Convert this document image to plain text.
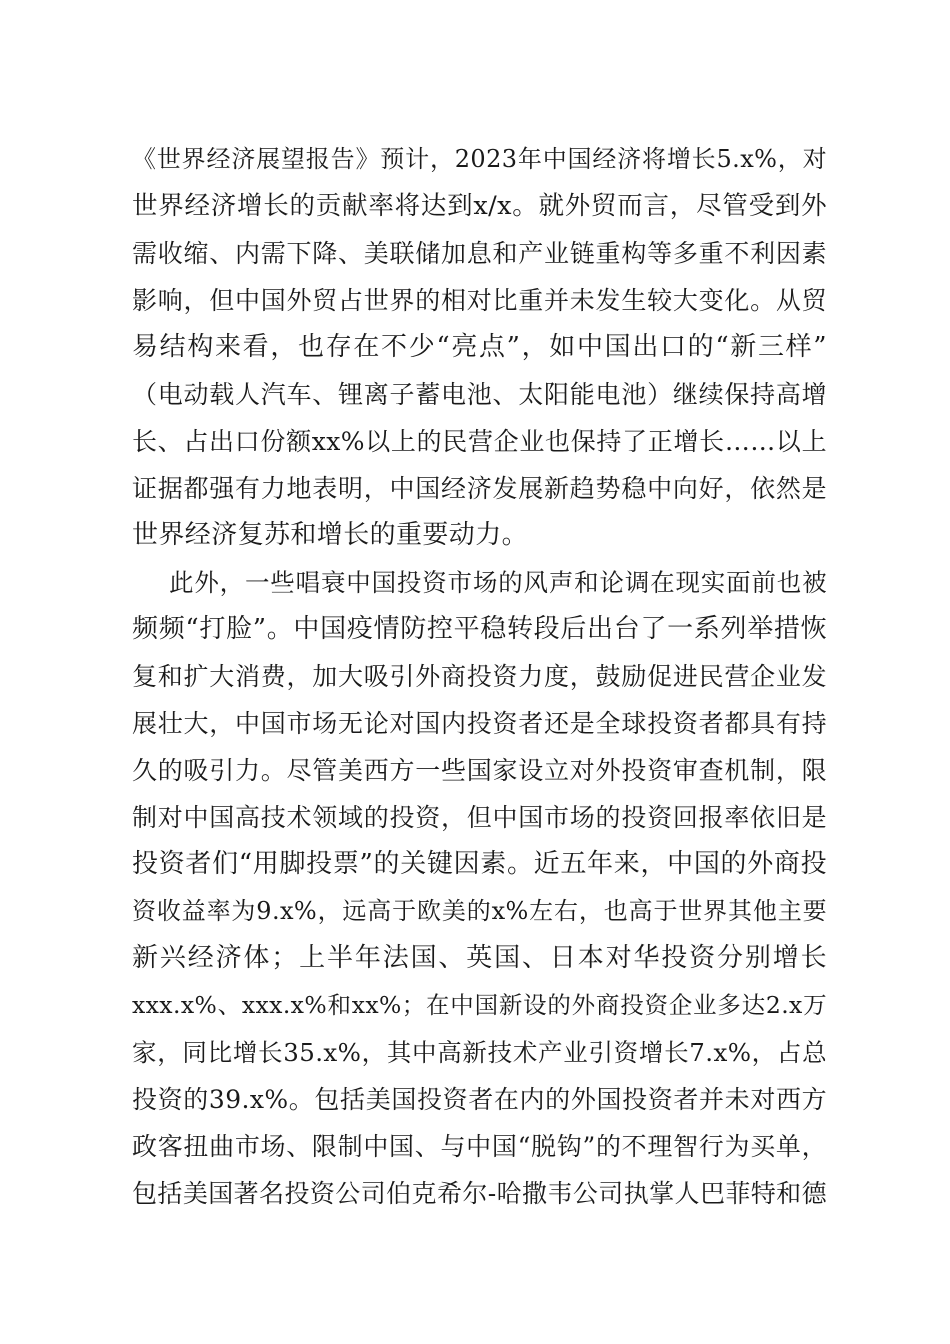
《世界经济展望报告》预计，2023年中国经济将增长5.x%，对
世界经济增长的贡献率将达到x/x。就外贸而言，尽管受到外
需收缩、内需下降、美联储加息和产业链重构等多重不利因素
影响，但中国外贸占世界的相对比重并未发生较大变化。从贸
易结构来看，也存在不少“亮点”，如中国出口的“新三样”
（电动载人汽车、锂离子蓄电池、太阳能电池）继续保持高增
长、占出口份额xx%以上的民营企业也保持了正增长……以上
证据都强有力地表明，中国经济发展新趋势稳中向好，依然是
世界经济复苏和增长的重要动力。
此外，一些唱衰中国投资市场的风声和论调在现实面前也被
频频“打脸”。中国疫情防控平稳转段后出台了一系列举措恢
复和扩大消费，加大吸引外商投资力度，鼓励促进民营企业发
展壮大，中国市场无论对国内投资者还是全球投资者都具有持
久的吸引力。尽管美西方一些国家设立对外投资审查机制，限
制对中国高技术领域的投资，但中国市场的投资回报率依旧是
投资者们“用脚投票”的关键因素。近五年来，中国的外商投
资收益率为9.x%，远高于欧美的x%左右，也高于世界其他主要
新兴经济体；上半年法国、英国、日本对华投资分别增长
xxx.x%、xxx.x%和xx%；在中国新设的外商投资企业多达2.x万
家，同比增长35.x%，其中高新技术产业引资增长7.x%，占总
投资的39.x%。包括美国投资者在内的外国投资者并未对西方
政客扭曲市场、限制中国、与中国“脱钩”的不理智行为买单，
包括美国著名投资公司伯克希尔-哈撒韦公司执掌人巴菲特和德
